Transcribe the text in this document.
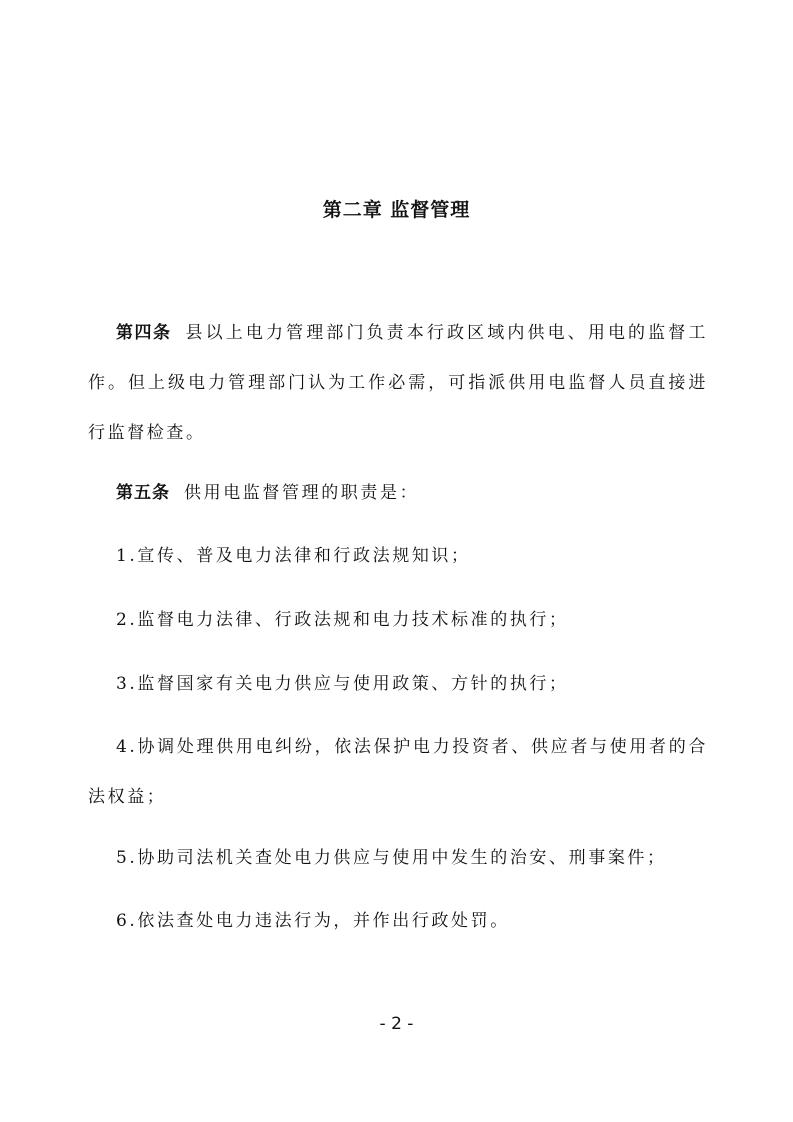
第二章 监督管理

第四条 县以上电力管理部门负责本行政区域内供电、用电的监督工作。但上级电力管理部门认为工作必需，可指派供用电监督人员直接进行监督检查。

第五条 供用电监督管理的职责是：

1.宣传、普及电力法律和行政法规知识；

2.监督电力法律、行政法规和电力技术标准的执行；

3.监督国家有关电力供应与使用政策、方针的执行；

4.协调处理供用电纠纷，依法保护电力投资者、供应者与使用者的合法权益；

5.协助司法机关查处电力供应与使用中发生的治安、刑事案件；

6.依法查处电力违法行为，并作出行政处罚。

- 2 -
